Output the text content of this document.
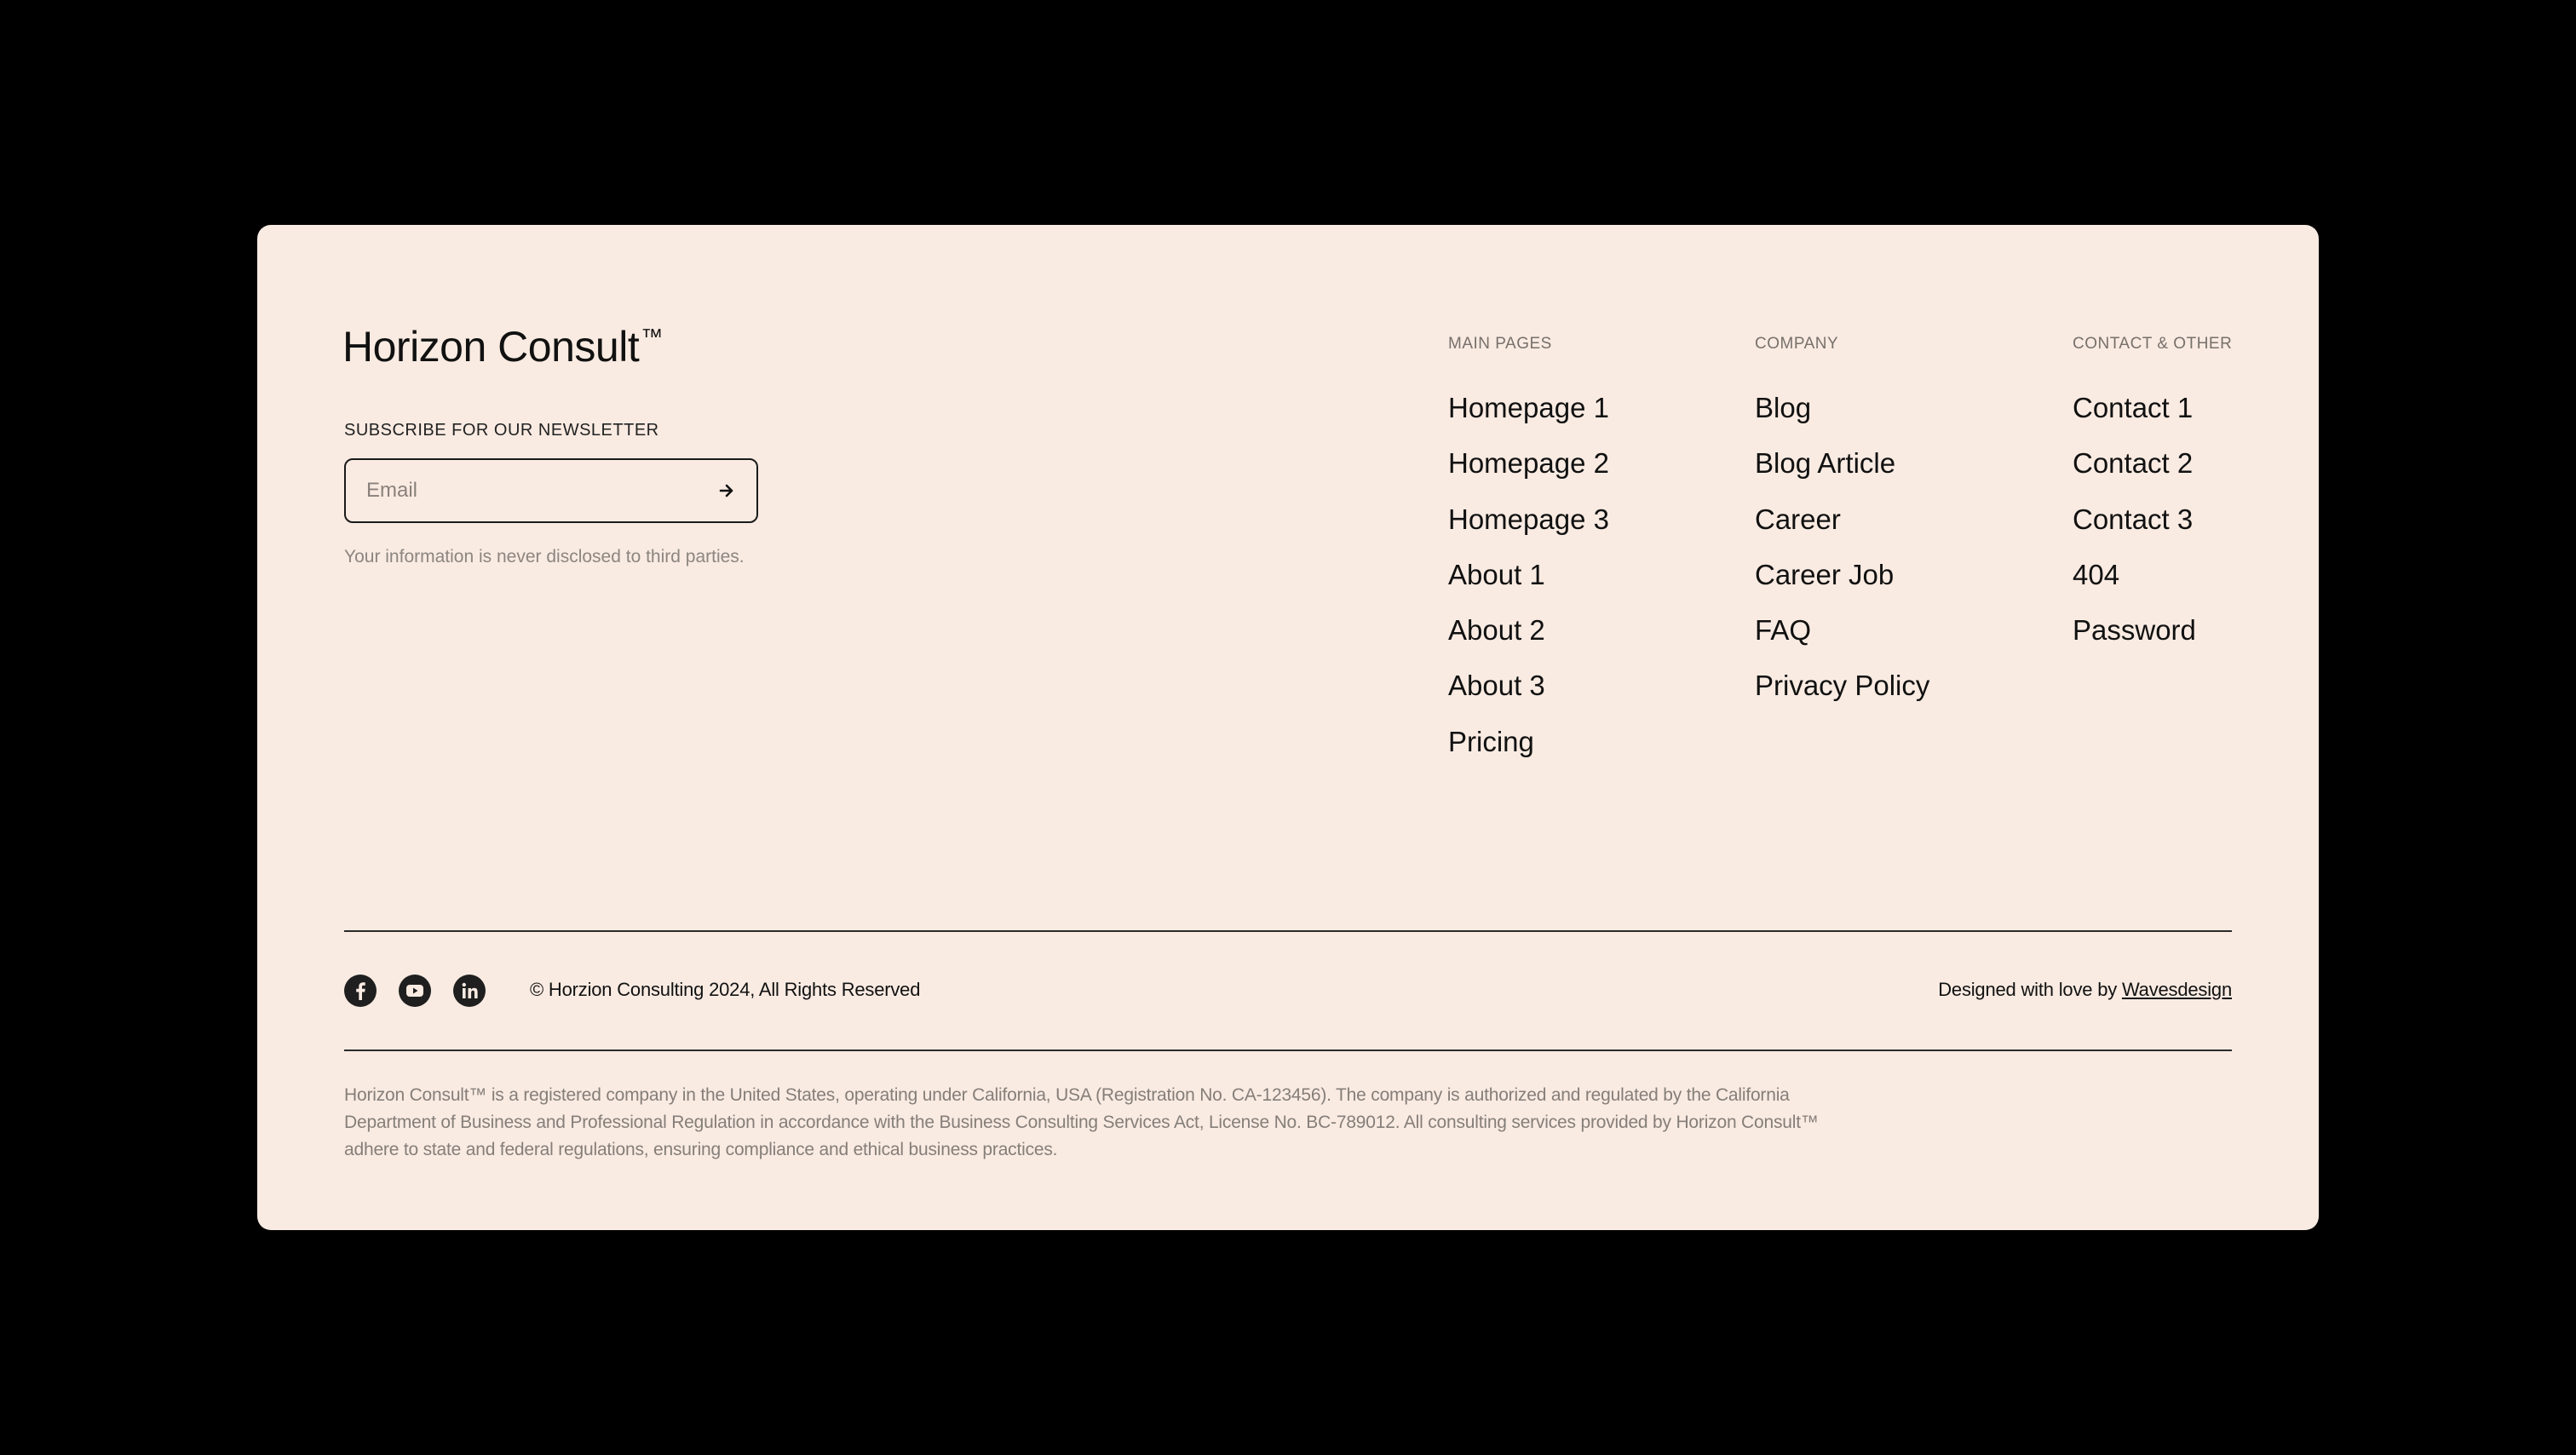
Horizon Consult™
SUBSCRIBE FOR OUR NEWSLETTER
Email
Your information is never disclosed to third parties.
MAIN PAGES
Homepage 1
Homepage 2
Homepage 3
About 1
About 2
About 3
Pricing
COMPANY
Blog
Blog Article
Career
Career Job
FAQ
Privacy Policy
CONTACT & OTHER
Contact 1
Contact 2
Contact 3
404
Password
© Horzion Consulting 2024, All Rights Reserved	Designed with love by Wavesdesign
Horizon Consult™ is a registered company in the United States, operating under California, USA (Registration No. CA-123456). The company is authorized and regulated by the California Department of Business and Professional Regulation in accordance with the Business Consulting Services Act, License No. BC-789012. All consulting services provided by Horizon Consult™ adhere to state and federal regulations, ensuring compliance and ethical business practices.
